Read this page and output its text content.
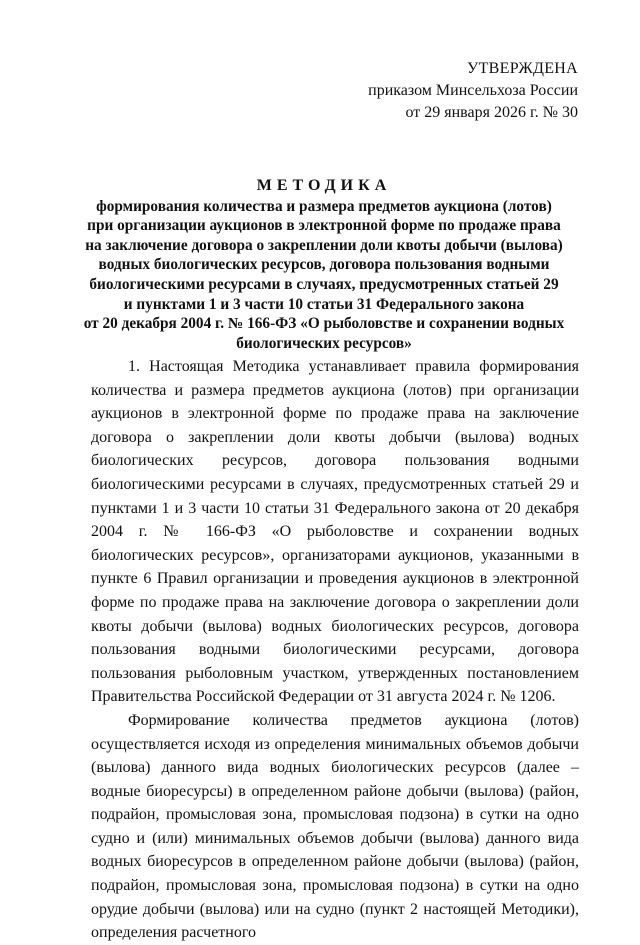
УТВЕРЖДЕНА
приказом Минсельхоза России
от 29 января 2026 г. № 30
МЕТОДИКА
формирования количества и размера предметов аукциона (лотов)
при организации аукционов в электронной форме по продаже права
на заключение договора о закреплении доли квоты добычи (вылова)
водных биологических ресурсов, договора пользования водными
биологическими ресурсами в случаях, предусмотренных статьей 29
и пунктами 1 и 3 части 10 статьи 31 Федерального закона
от 20 декабря 2004 г. № 166-ФЗ «О рыболовстве и сохранении водных
биологических ресурсов»

1. Настоящая Методика устанавливает правила формирования количества и размера предметов аукциона (лотов) при организации аукционов в электронной форме по продаже права на заключение договора о закреплении доли квоты добычи (вылова) водных биологических ресурсов, договора пользования водными биологическими ресурсами в случаях, предусмотренных статьей 29 и пунктами 1 и 3 части 10 статьи 31 Федерального закона от 20 декабря 2004 г. № 166-ФЗ «О рыболовстве и сохранении водных биологических ресурсов», организаторами аукционов, указанными в пункте 6 Правил организации и проведения аукционов в электронной форме по продаже права на заключение договора о закреплении доли квоты добычи (вылова) водных биологических ресурсов, договора пользования водными биологическими ресурсами, договора пользования рыболовным участком, утвержденных постановлением Правительства Российской Федерации от 31 августа 2024 г. № 1206.

Формирование количества предметов аукциона (лотов) осуществляется исходя из определения минимальных объемов добычи (вылова) данного вида водных биологических ресурсов (далее – водные биоресурсы) в определенном районе добычи (вылова) (район, подрайон, промысловая зона, промысловая подзона) в сутки на одно судно и (или) минимальных объемов добычи (вылова) данного вида водных биоресурсов в определенном районе добычи (вылова) (район, подрайон, промысловая зона, промысловая подзона) в сутки на одно орудие добычи (вылова) или на судно (пункт 2 настоящей Методики), определения расчетного
